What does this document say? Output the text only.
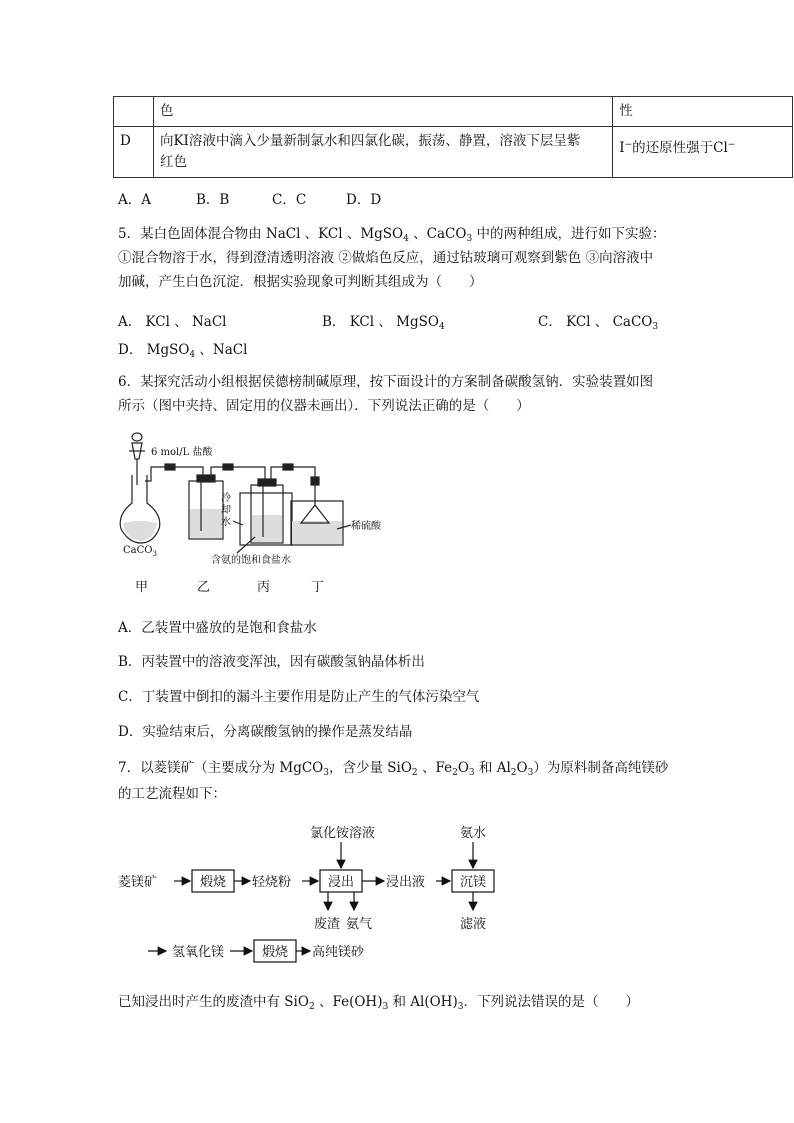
	色	性
D	向KI溶液中滴入少量新制氯水和四氯化碳，振荡、静置，溶液下层呈紫
红色	I−的还原性强于Cl−
A．A	B．B	C．C	D．D
5．某白色固体混合物由 NaCl 、KCl 、MgSO$_4$ 、CaCO$_3$ 中的两种组成，进行如下实验：
①混合物溶于水，得到澄清透明溶液 ②做焰色反应，通过钴玻璃可观察到紫色 ③向溶液中
加碱，产生白色沉淀．根据实验现象可判断其组成为（　　）
A． KCl 、 NaCl	B． KCl 、 MgSO$_4$	C． KCl 、 CaCO$_3$
D． MgSO$_4$ 、NaCl
6．某探究活动小组根据侯德榜制碱原理，按下面设计的方案制备碳酸氢钠．实验装置如图
所示（图中夹持、固定用的仪器未画出）．下列说法正确的是（　　）
6 mol/L 盐酸
CaCO$_3$
冷
却
水	稀硫酸
含氨的饱和食盐水
甲	乙	丙	丁
A．乙装置中盛放的是饱和食盐水
B．丙装置中的溶液变浑浊，因有碳酸氢钠晶体析出
C．丁装置中倒扣的漏斗主要作用是防止产生的气体污染空气
D．实验结束后，分离碳酸氢钠的操作是蒸发结晶
7．以菱镁矿（主要成分为 MgCO$_3$，含少量 SiO$_2$ 、$Fe_2O_3$ 和 $Al_2O_3$）为原料制备高纯镁砂
的工艺流程如下：
菱镁矿	煅烧 轻烧粉	浸出 浸出液	沉镁
氯化铵溶液	氨水
废渣 氨气	滤液
氢氧化镁	煅烧 高纯镁砂
已知浸出时产生的废渣中有 SiO$_2$ 、$Fe(OH)_3$ 和 $Al(OH)_3$．下列说法错误的是（　　）
